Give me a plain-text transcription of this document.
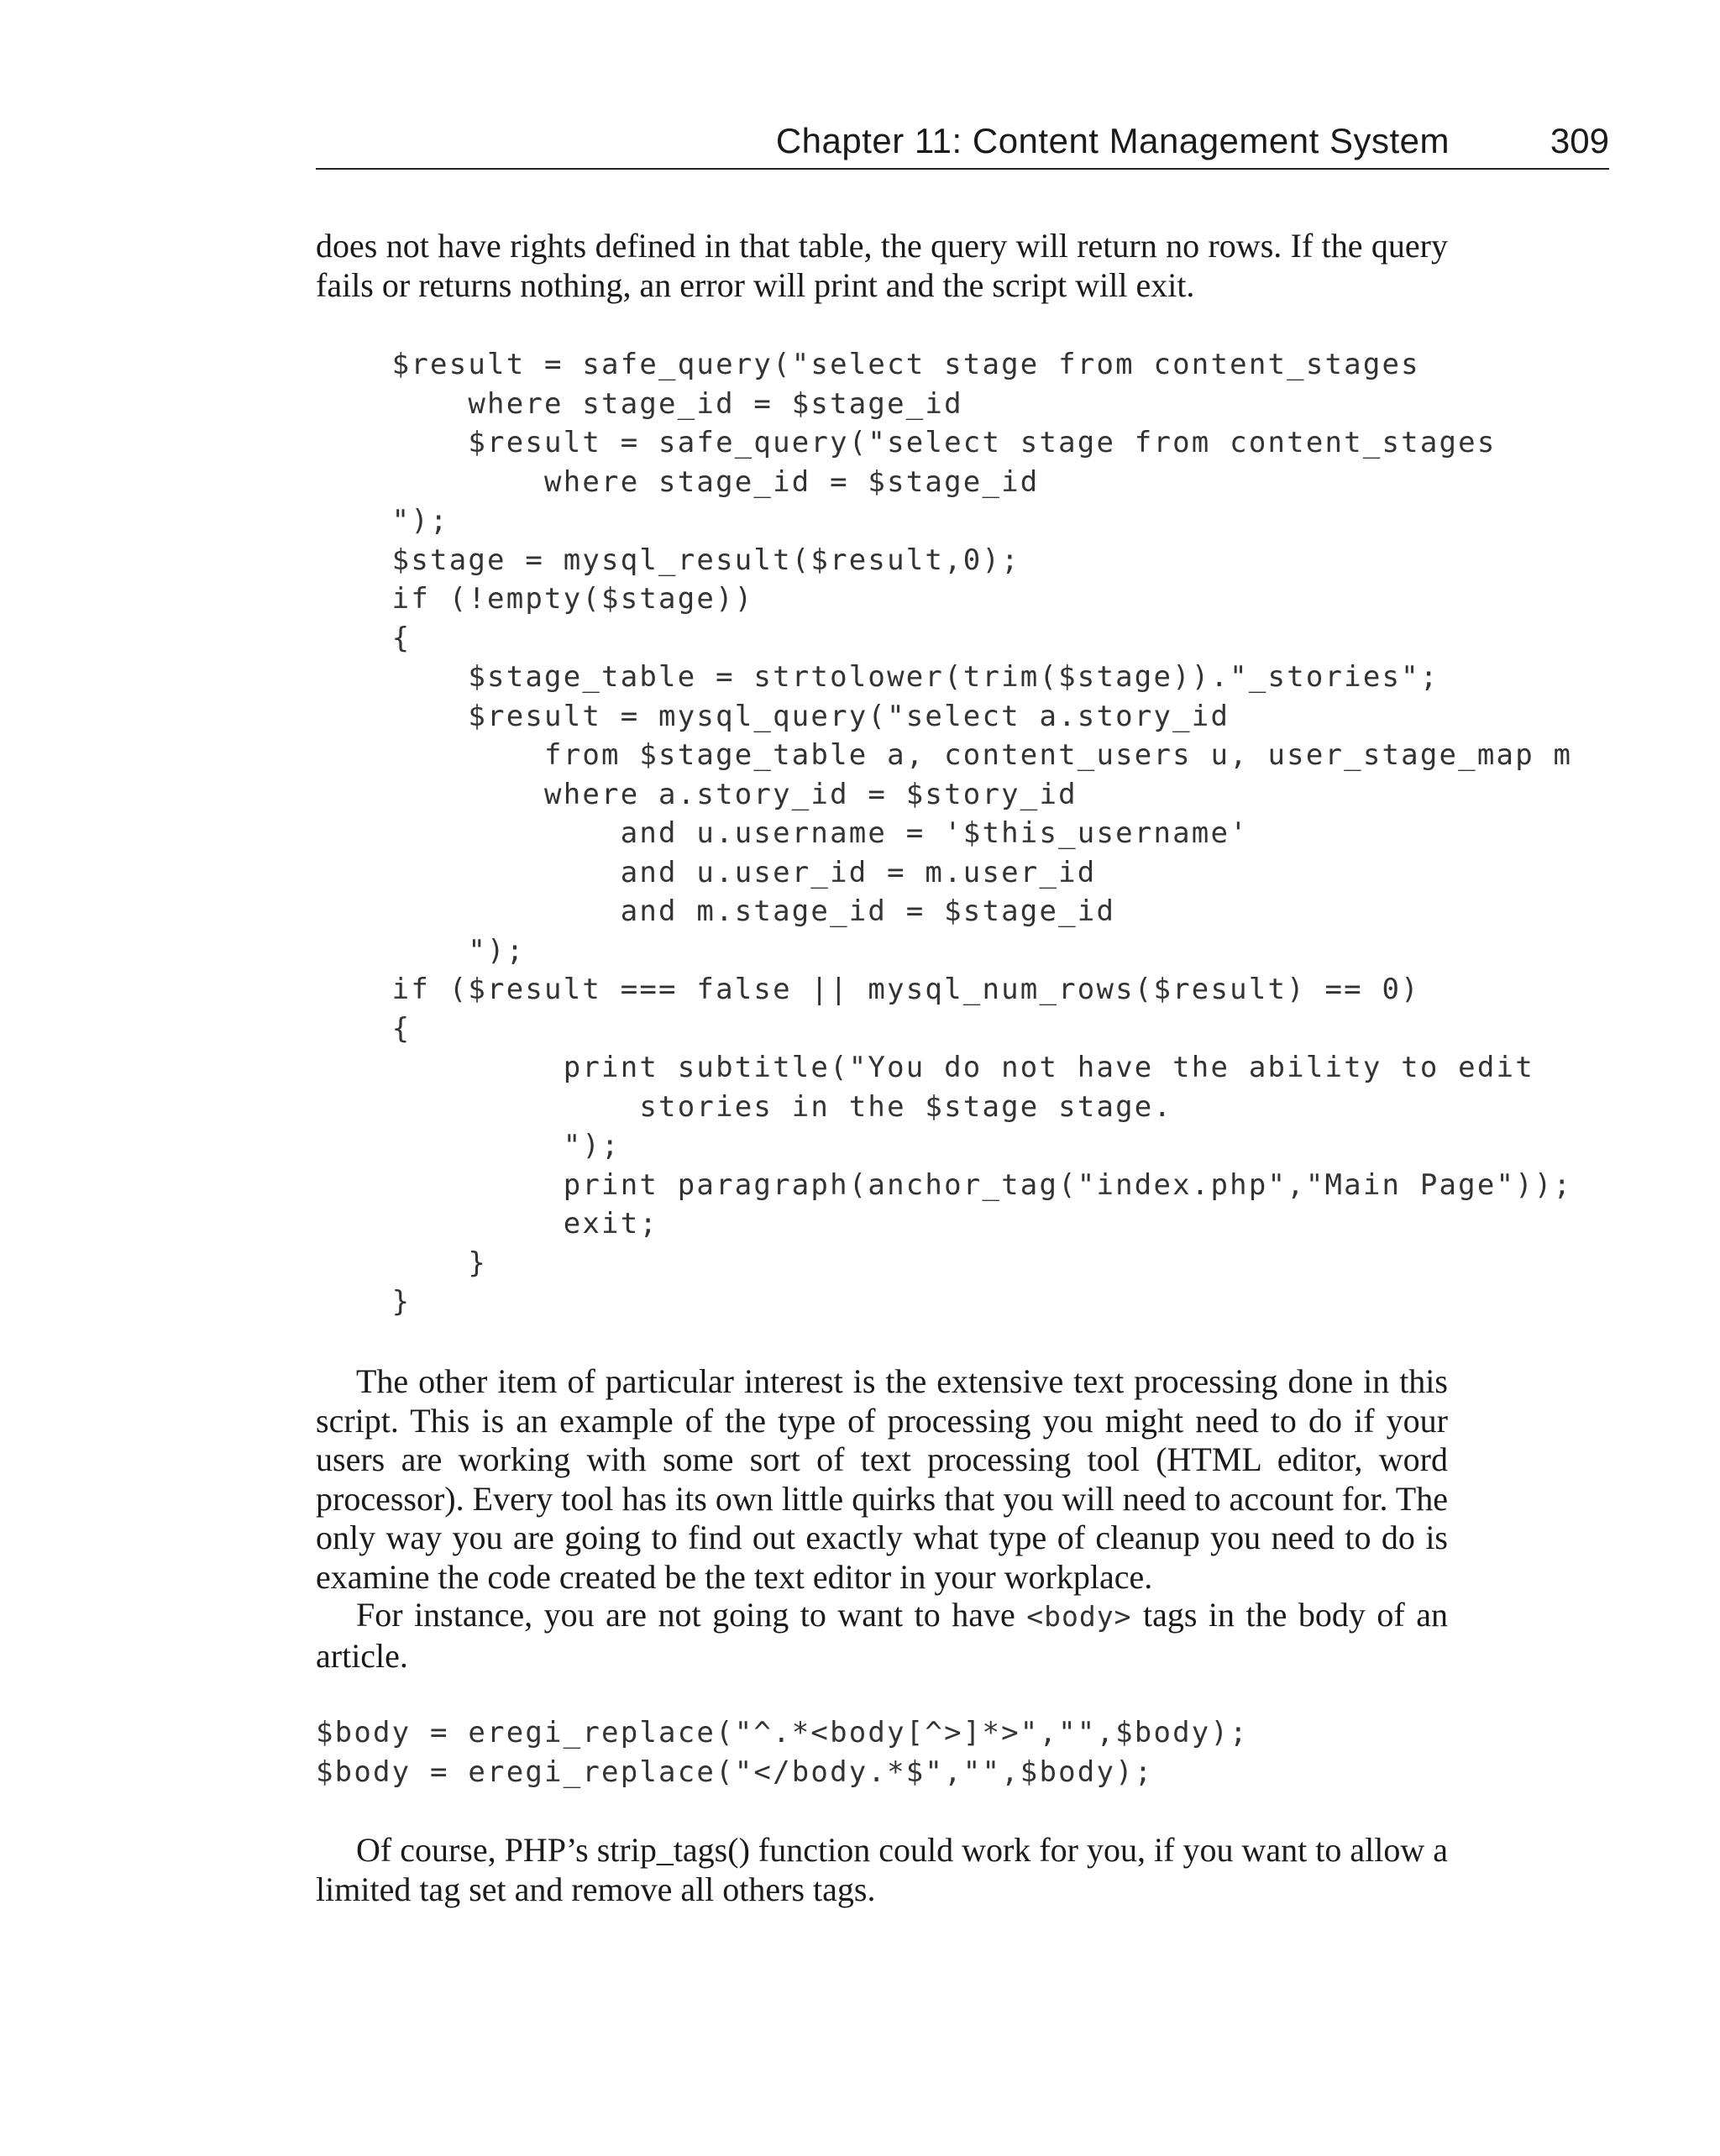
Chapter 11: Content Management System	309

does not have rights defined in that table, the query will return no rows. If the query fails or returns nothing, an error will print and the script will exit.

$result = safe_query("select stage from content_stages
where stage_id = $stage_id
$result = safe_query("select stage from content_stages
where stage_id = $stage_id
");
$stage = mysql_result($result,0);
if (!empty($stage))
{
$stage_table = strtolower(trim($stage))."_stories";
$result = mysql_query("select a.story_id
from $stage_table a, content_users u, user_stage_map m
where a.story_id = $story_id
and u.username = '$this_username'
and u.user_id = m.user_id
and m.stage_id = $stage_id
");
if ($result === false || mysql_num_rows($result) == 0)
{
print subtitle("You do not have the ability to edit
stories in the $stage stage.
");
print paragraph(anchor_tag("index.php","Main Page"));
exit;
}
}

The other item of particular interest is the extensive text processing done in this script. This is an example of the type of processing you might need to do if your users are working with some sort of text processing tool (HTML editor, word processor). Every tool has its own little quirks that you will need to account for. The only way you are going to find out exactly what type of cleanup you need to do is examine the code created be the text editor in your workplace.

For instance, you are not going to want to have <body> tags in the body of an article.

$body = eregi_replace("^.*<body[^>]*>","",$body);
$body = eregi_replace("</body.*$","",$body);

Of course, PHP’s strip_tags() function could work for you, if you want to allow a limited tag set and remove all others tags.
